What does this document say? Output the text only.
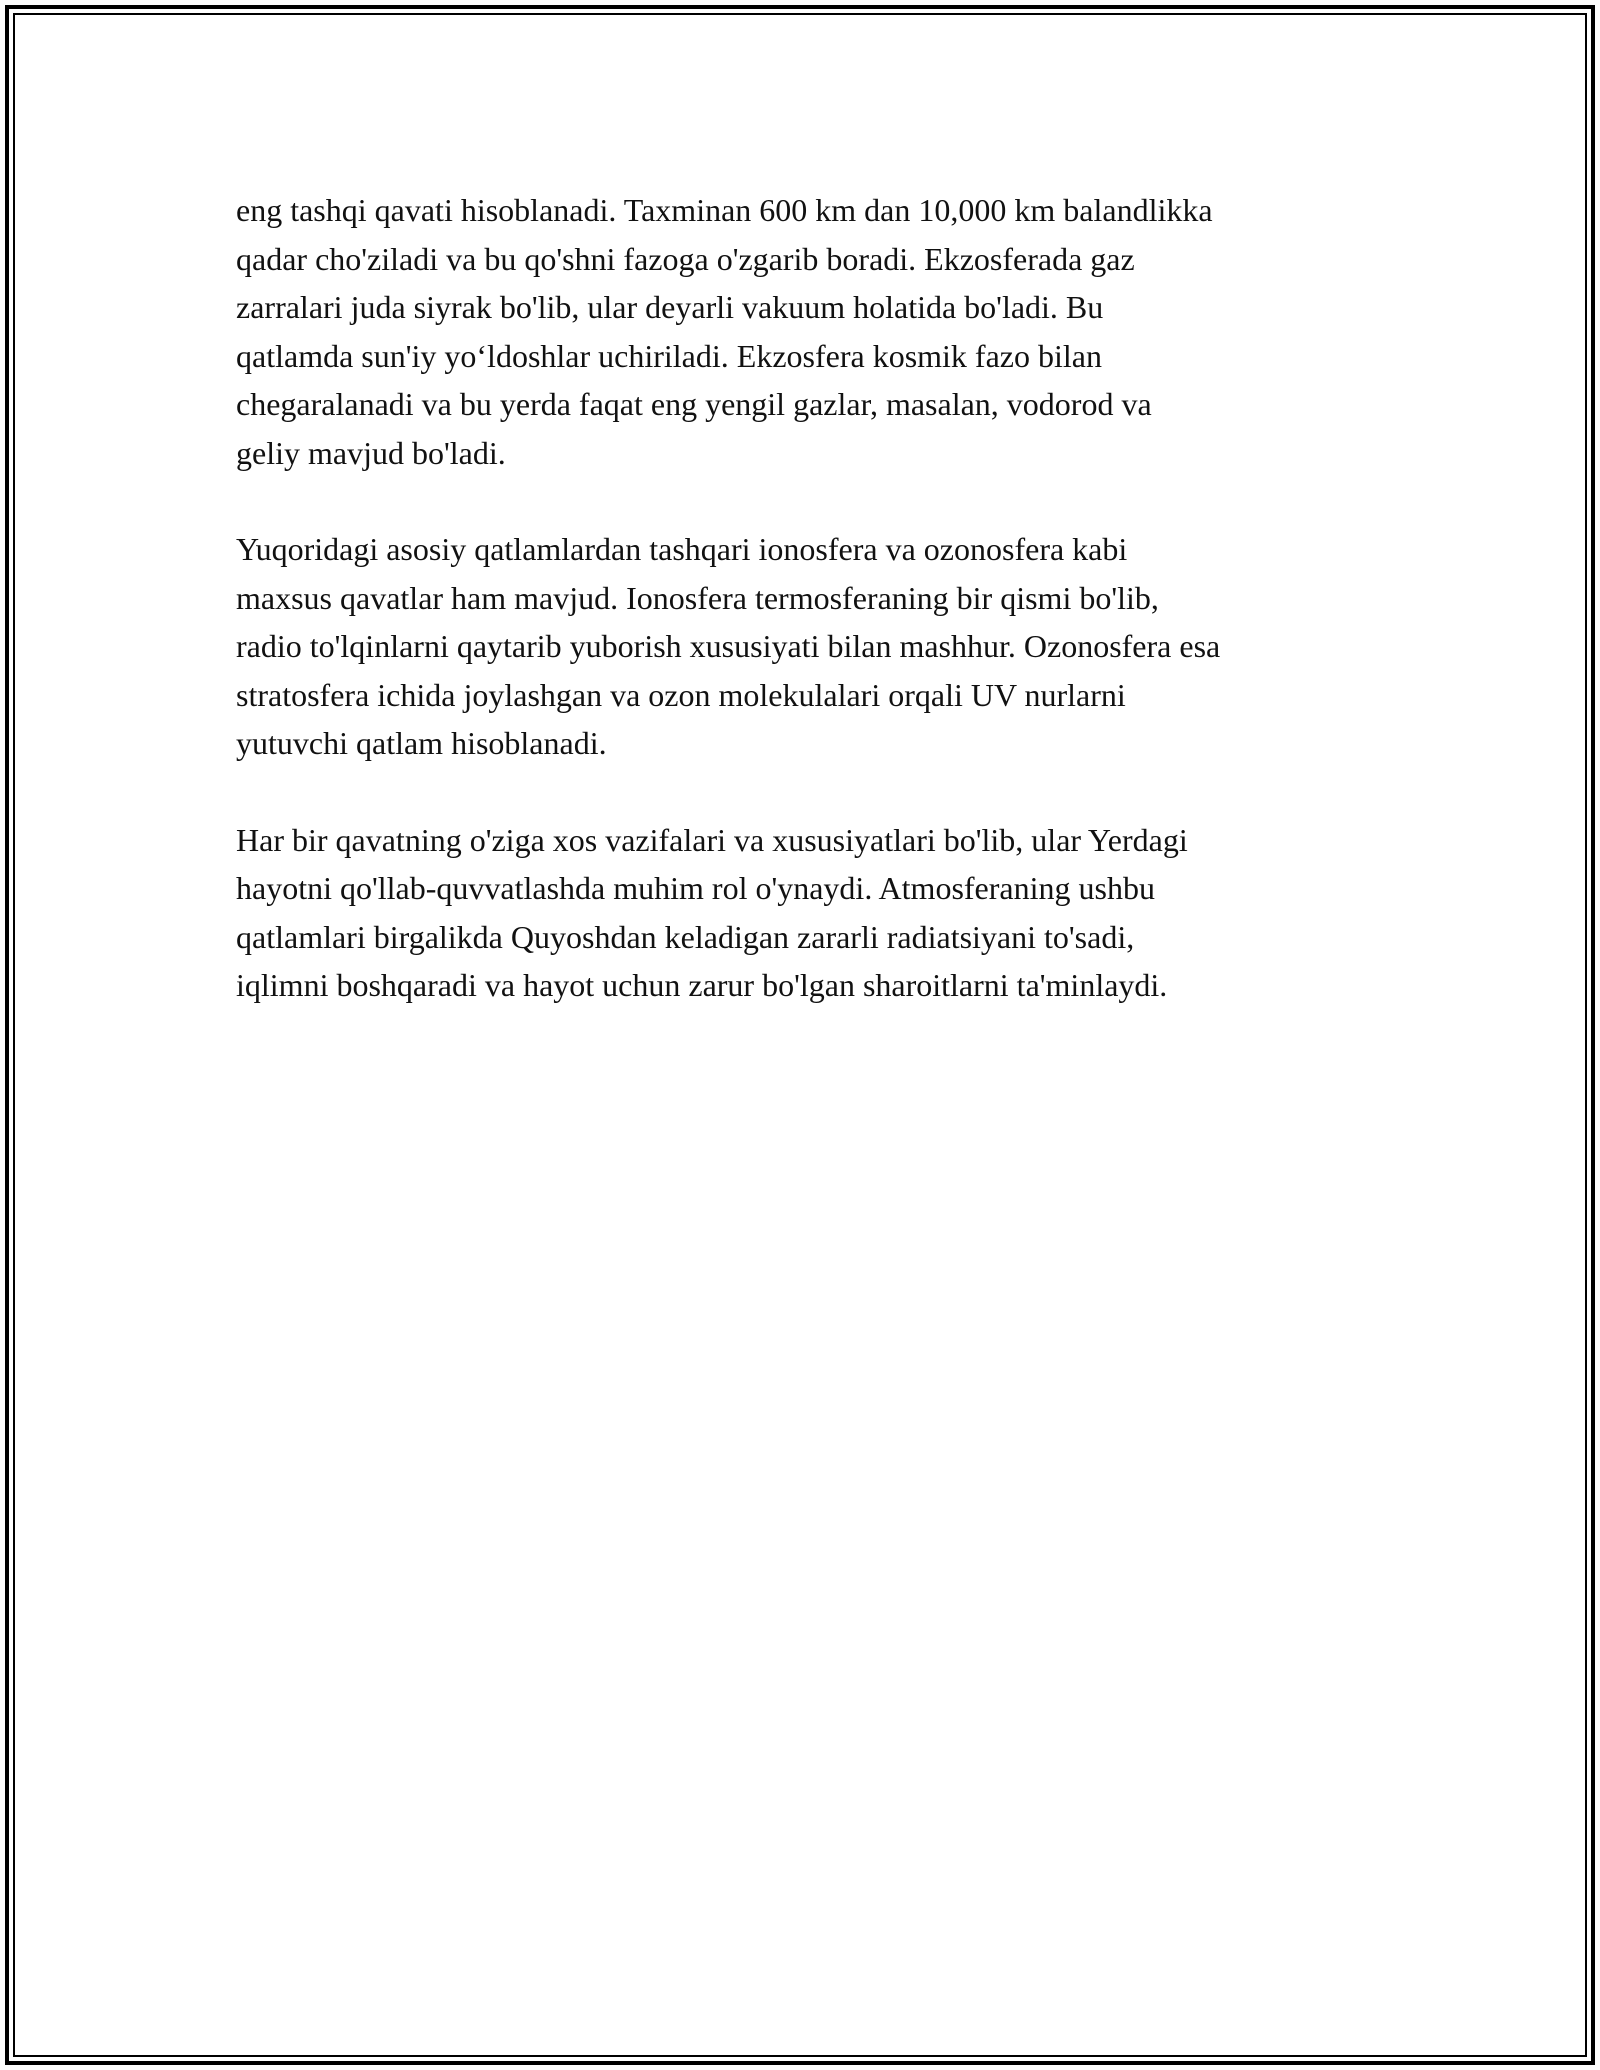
eng tashqi qavati hisoblanadi. Taxminan 600 km dan 10,000 km balandlikka
qadar cho'ziladi va bu qo'shni fazoga o'zgarib boradi. Ekzosferada gaz
zarralari juda siyrak bo'lib, ular deyarli vakuum holatida bo'ladi. Bu
qatlamda sun'iy yo‘ldoshlar uchiriladi. Ekzosfera kosmik fazo bilan
chegaralanadi va bu yerda faqat eng yengil gazlar, masalan, vodorod va
geliy mavjud bo'ladi.

Yuqoridagi asosiy qatlamlardan tashqari ionosfera va ozonosfera kabi
maxsus qavatlar ham mavjud. Ionosfera termosferaning bir qismi bo'lib,
radio to'lqinlarni qaytarib yuborish xususiyati bilan mashhur. Ozonosfera esa
stratosfera ichida joylashgan va ozon molekulalari orqali UV nurlarni
yutuvchi qatlam hisoblanadi.

Har bir qavatning o'ziga xos vazifalari va xususiyatlari bo'lib, ular Yerdagi
hayotni qo'llab-quvvatlashda muhim rol o'ynaydi. Atmosferaning ushbu
qatlamlari birgalikda Quyoshdan keladigan zararli radiatsiyani to'sadi,
iqlimni boshqaradi va hayot uchun zarur bo'lgan sharoitlarni ta'minlaydi.
